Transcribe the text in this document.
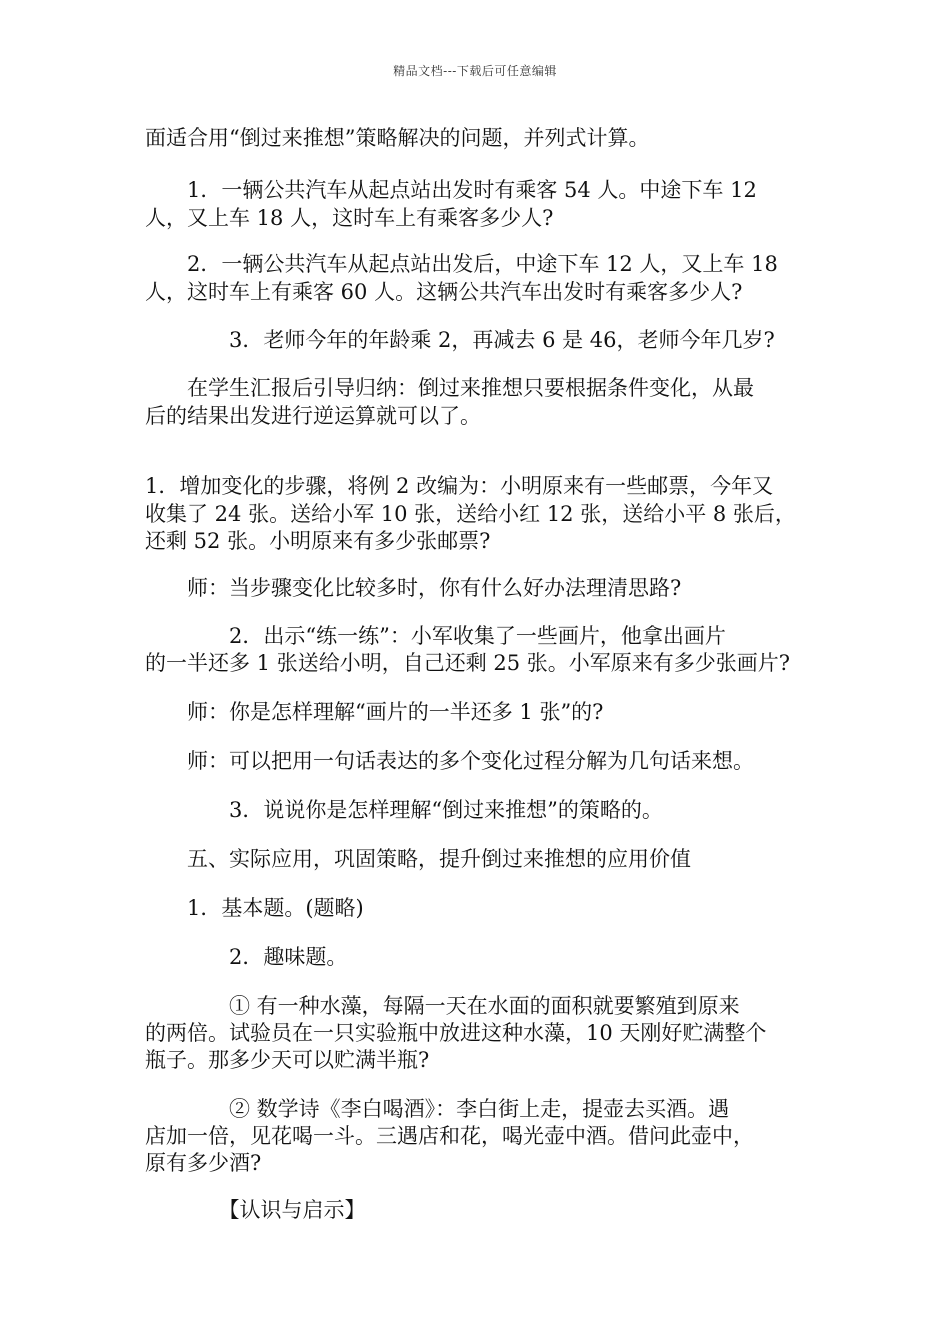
精品文档---下载后可任意编辑

面适合用“倒过来推想”策略解决的问题，并列式计算。

　　1．一辆公共汽车从起点站出发时有乘客 54 人。中途下车 12

人，又上车 18 人，这时车上有乘客多少人?

　　2．一辆公共汽车从起点站出发后，中途下车 12 人，又上车 18

人，这时车上有乘客 60 人。这辆公共汽车出发时有乘客多少人?

　　　　3．老师今年的年龄乘 2，再减去 6 是 46，老师今年几岁?

　　在学生汇报后引导归纳：倒过来推想只要根据条件变化，从最

后的结果出发进行逆运算就可以了。

1．增加变化的步骤，将例 2 改编为：小明原来有一些邮票，今年又

收集了 24 张。送给小军 10 张，送给小红 12 张，送给小平 8 张后，

还剩 52 张。小明原来有多少张邮票?

　　师：当步骤变化比较多时，你有什么好办法理清思路?

　　　　2．出示“练一练”：小军收集了一些画片，他拿出画片

的一半还多 1 张送给小明，自己还剩 25 张。小军原来有多少张画片?

　　师：你是怎样理解“画片的一半还多 1 张”的?

　　师：可以把用一句话表达的多个变化过程分解为几句话来想。

　　　　3．说说你是怎样理解“倒过来推想”的策略的。

　　五、实际应用，巩固策略，提升倒过来推想的应用价值

　　1．基本题。(题略)

　　　　2．趣味题。

　　　　① 有一种水藻，每隔一天在水面的面积就要繁殖到原来

的两倍。试验员在一只实验瓶中放进这种水藻，10 天刚好贮满整个

瓶子。那多少天可以贮满半瓶?

　　　　② 数学诗《李白喝酒》：李白街上走，提壶去买酒。遇

店加一倍，见花喝一斗。三遇店和花，喝光壶中酒。借问此壶中，

原有多少酒?

　　　　【认识与启示】
